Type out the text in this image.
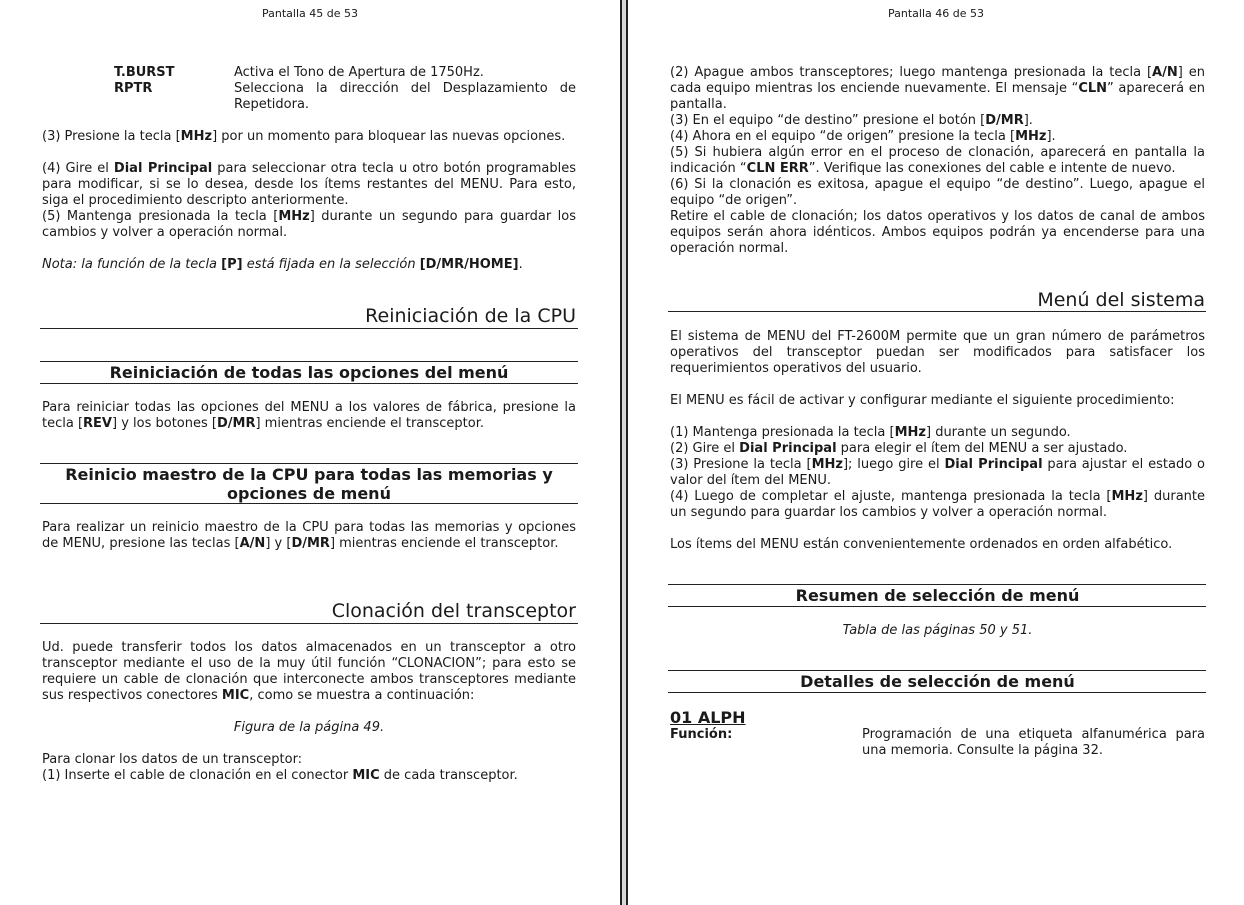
Pantalla 45 de 53
T.BURST	Activa el Tono de Apertura de 1750Hz.
RPTR	Selecciona la dirección del Desplazamiento de Repetidora.
(3) Presione la tecla [MHz] por un momento para bloquear las nuevas opciones.
(4) Gire el Dial Principal para seleccionar otra tecla u otro botón programables para modificar, si se lo desea, desde los ítems restantes del MENU. Para esto, siga el procedimiento descripto anteriormente.
(5) Mantenga presionada la tecla [MHz] durante un segundo para guardar los cambios y volver a operación normal.
Nota: la función de la tecla [P] está fijada en la selección [D/MR/HOME].
Reiniciación de la CPU
Reiniciación de todas las opciones del menú
Para reiniciar todas las opciones del MENU a los valores de fábrica, presione la tecla [REV] y los botones [D/MR] mientras enciende el transceptor.
Reinicio maestro de la CPU para todas las memorias y opciones de menú
Para realizar un reinicio maestro de la CPU para todas las memorias y opciones de MENU, presione las teclas [A/N] y [D/MR] mientras enciende el transceptor.
Clonación del transceptor
Ud. puede transferir todos los datos almacenados en un transceptor a otro transceptor mediante el uso de la muy útil función “CLONACION”; para esto se requiere un cable de clonación que interconecte ambos transceptores mediante sus respectivos conectores MIC, como se muestra a continuación:
Figura de la página 49.
Para clonar los datos de un transceptor:
(1) Inserte el cable de clonación en el conector MIC de cada transceptor.
Pantalla 46 de 53
(2) Apague ambos transceptores; luego mantenga presionada la tecla [A/N] en cada equipo mientras los enciende nuevamente. El mensaje “CLN” aparecerá en pantalla.
(3) En el equipo “de destino” presione el botón [D/MR].
(4) Ahora en el equipo “de origen” presione la tecla [MHz].
(5) Si hubiera algún error en el proceso de clonación, aparecerá en pantalla la indicación “CLN ERR”. Verifique las conexiones del cable e intente de nuevo.
(6) Si la clonación es exitosa, apague el equipo “de destino”. Luego, apague el equipo “de origen”.
Retire el cable de clonación; los datos operativos y los datos de canal de ambos equipos serán ahora idénticos. Ambos equipos podrán ya encenderse para una operación normal.
Menú del sistema
El sistema de MENU del FT-2600M permite que un gran número de parámetros operativos del transceptor puedan ser modificados para satisfacer los requerimientos operativos del usuario.
El MENU es fácil de activar y configurar mediante el siguiente procedimiento:
(1) Mantenga presionada la tecla [MHz] durante un segundo.
(2) Gire el Dial Principal para elegir el ítem del MENU a ser ajustado.
(3) Presione la tecla [MHz]; luego gire el Dial Principal para ajustar el estado o valor del ítem del MENU.
(4) Luego de completar el ajuste, mantenga presionada la tecla [MHz] durante un segundo para guardar los cambios y volver a operación normal.
Los ítems del MENU están convenientemente ordenados en orden alfabético.
Resumen de selección de menú
Tabla de las páginas 50 y 51.
Detalles de selección de menú
01 ALPH
Función:	Programación de una etiqueta alfanumérica para una memoria. Consulte la página 32.
